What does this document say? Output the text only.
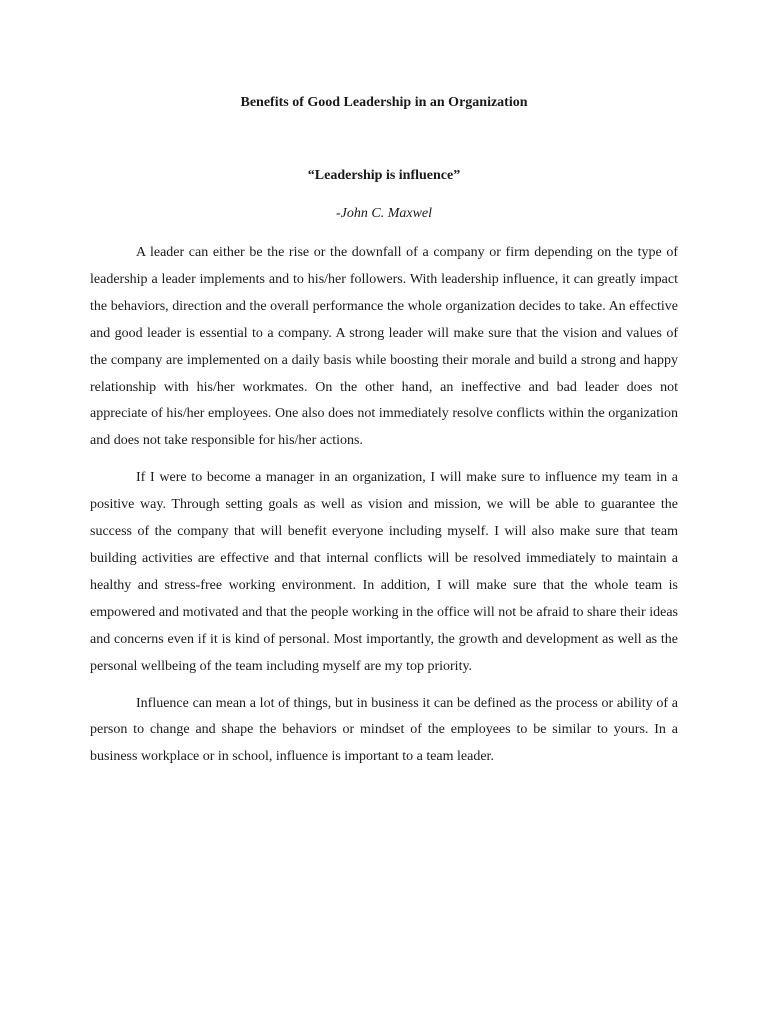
Benefits of Good Leadership in an Organization
“Leadership is influence”
-John C. Maxwel

A leader can either be the rise or the downfall of a company or firm depending on the type of leadership a leader implements and to his/her followers. With leadership influence, it can greatly impact the behaviors, direction and the overall performance the whole organization decides to take. An effective and good leader is essential to a company. A strong leader will make sure that the vision and values of the company are implemented on a daily basis while boosting their morale and build a strong and happy relationship with his/her workmates. On the other hand, an ineffective and bad leader does not appreciate of his/her employees. One also does not immediately resolve conflicts within the organization and does not take responsible for his/her actions.

If I were to become a manager in an organization, I will make sure to influence my team in a positive way. Through setting goals as well as vision and mission, we will be able to guarantee the success of the company that will benefit everyone including myself. I will also make sure that team building activities are effective and that internal conflicts will be resolved immediately to maintain a healthy and stress-free working environment. In addition, I will make sure that the whole team is empowered and motivated and that the people working in the office will not be afraid to share their ideas and concerns even if it is kind of personal. Most importantly, the growth and development as well as the personal wellbeing of the team including myself are my top priority.

Influence can mean a lot of things, but in business it can be defined as the process or ability of a person to change and shape the behaviors or mindset of the employees to be similar to yours. In a business workplace or in school, influence is important to a team leader.
